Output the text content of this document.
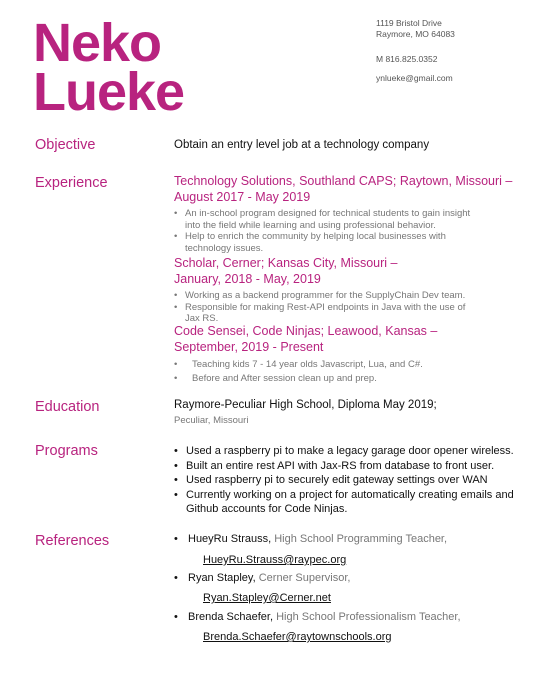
Neko
Lueke
1119 Bristol Drive
Raymore, MO 64083
M 816.825.0352
ynlueke@gmail.com
Objective	Obtain an entry level job at a technology company
Experience	Technology Solutions, Southland CAPS; Raytown, Missouri –
August 2017 - May 2019
• An in-school program designed for technical students to gain insight
into the field while learning and using professional behavior.
• Help to enrich the community by helping local businesses with
technology issues.
Scholar, Cerner; Kansas City, Missouri –
January, 2018 - May, 2019
• Working as a backend programmer for the SupplyChain Dev team.
• Responsible for making Rest-API endpoints in Java with the use of
Jax RS.
Code Sensei, Code Ninjas; Leawood, Kansas –
September, 2019 - Present
• Teaching kids 7 - 14 year olds Javascript, Lua, and C#.
• Before and After session clean up and prep.
Education	Raymore-Peculiar High School, Diploma May 2019;
Peculiar, Missouri
Programs	• Used a raspberry pi to make a legacy garage door opener wireless.
• Built an entire rest API with Jax-RS from database to front user.
• Used raspberry pi to securely edit gateway settings over WAN
• Currently working on a project for automatically creating emails and
Github accounts for Code Ninjas.
References	• HueyRu Strauss, High School Programming Teacher,
HueyRu.Strauss@raypec.org
• Ryan Stapley, Cerner Supervisor,
Ryan.Stapley@Cerner.net
• Brenda Schaefer, High School Professionalism Teacher,
Brenda.Schaefer@raytownschools.org
